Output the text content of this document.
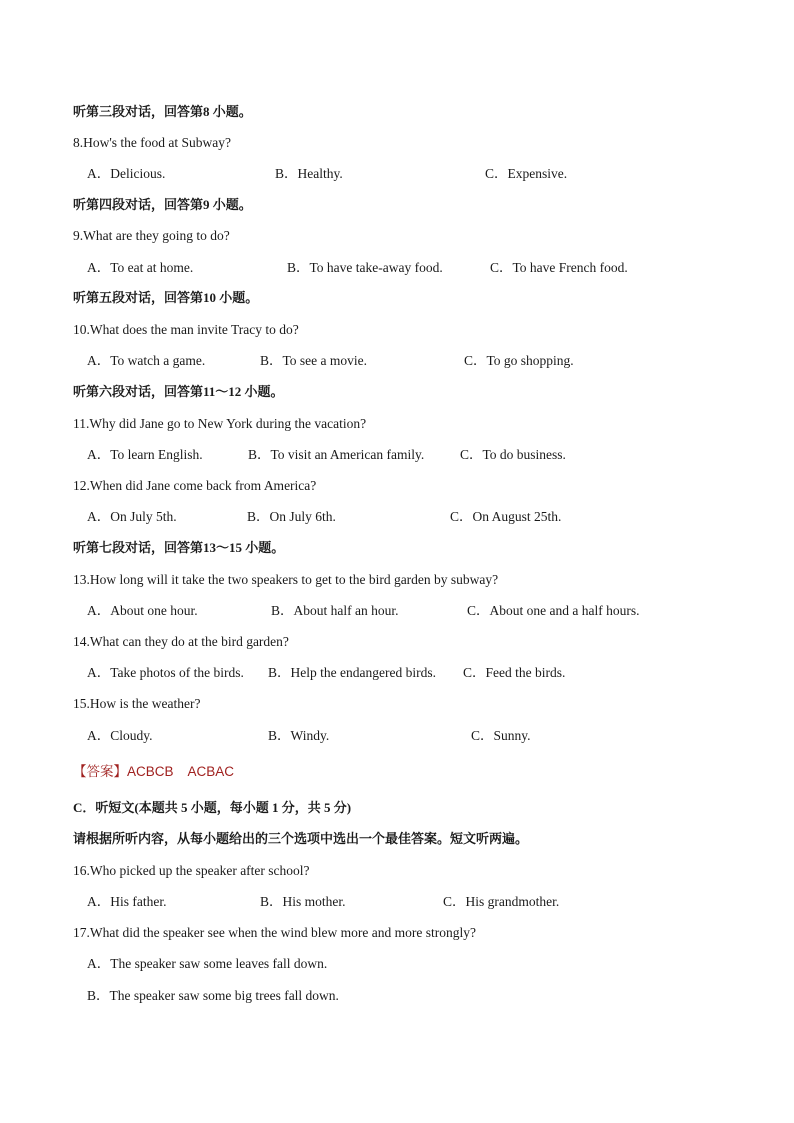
听第三段对话，回答第8 小题。
8.How's the food at Subway?
A．Delicious.	B．Healthy.	C．Expensive.
听第四段对话，回答第9 小题。
9.What are they going to do?
A．To eat at home.	B．To have take-away food.	C．To have French food.
听第五段对话，回答第10 小题。
10.What does the man invite Tracy to do?
A．To watch a game.	B．To see a movie.	C．To go shopping.
听第六段对话，回答第11～12 小题。
11.Why did Jane go to New York during the vacation?
A．To learn English.	B．To visit an American family.	C．To do business.
12.When did Jane come back from America?
A．On July 5th.	B．On July 6th.	C．On August 25th.
听第七段对话，回答第13～15 小题。
13.How long will it take the two speakers to get to the bird garden by subway?
A．About one hour.	B．About half an hour.	C．About one and a half hours.
14.What can they do at the bird garden?
A．Take photos of the birds. B．Help the endangered birds. C．Feed the birds.
15.How is the weather?
A．Cloudy.	B．Windy.	C．Sunny.
【答案】ACBCB ACBAC
C．听短文(本题共 5 小题，每小题 1 分，共 5 分)
请根据所听内容，从每小题给出的三个选项中选出一个最佳答案。短文听两遍。
16.Who picked up the speaker after school?
A．His father.	B．His mother.	C．His grandmother.
17.What did the speaker see when the wind blew more and more strongly?
A．The speaker saw some leaves fall down.
B．The speaker saw some big trees fall down.
